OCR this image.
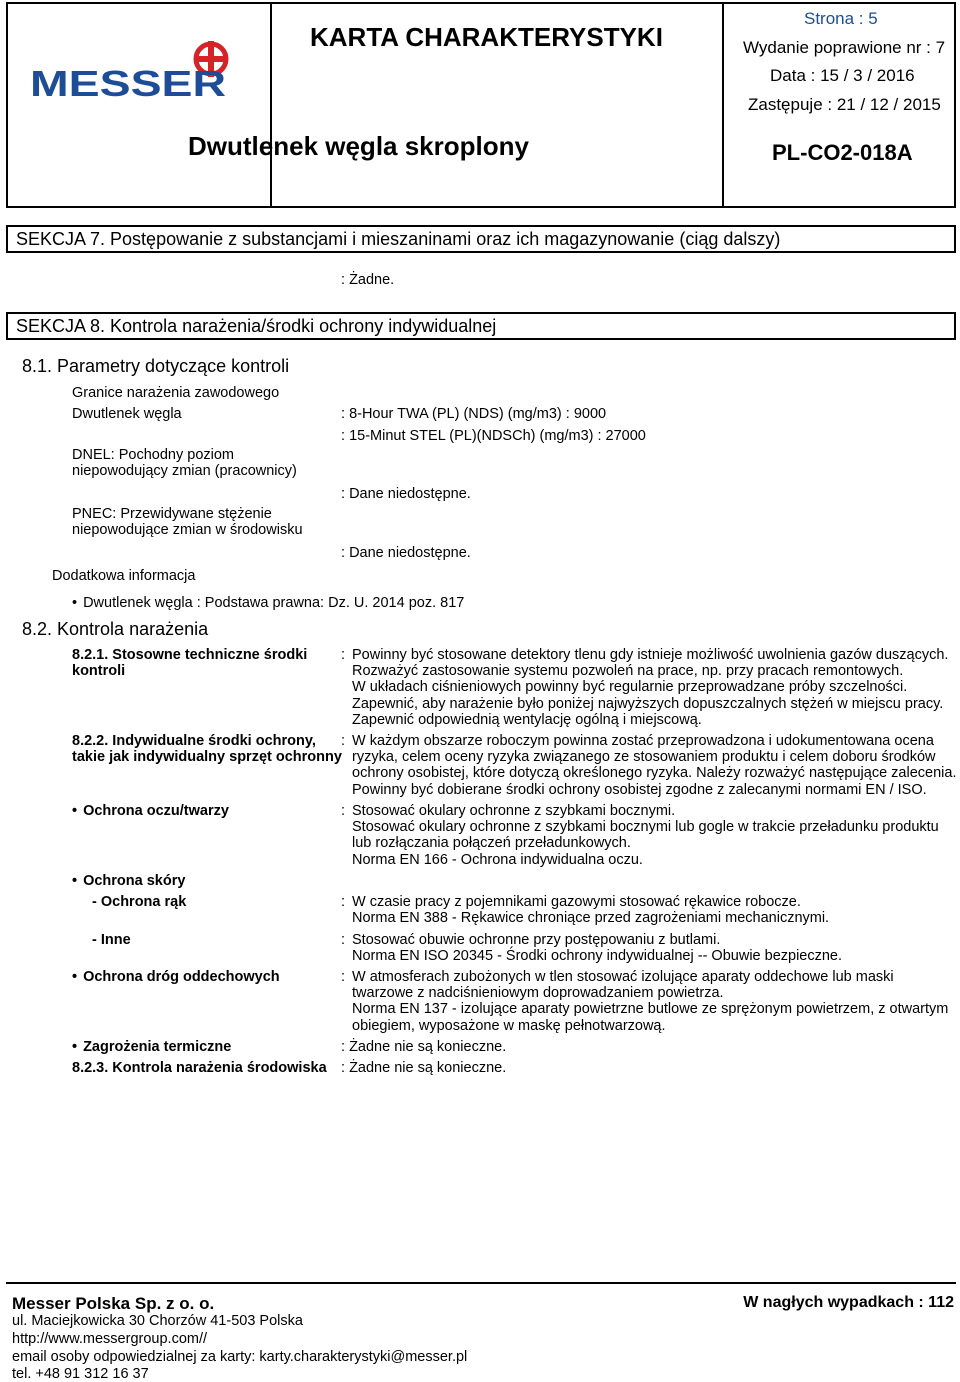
MESSER
KARTA CHARAKTERYSTYKI
Dwutlenek węgla skroplony
Strona : 5
Wydanie poprawione nr : 7
Data : 15 / 3 / 2016
Zastępuje : 21 / 12 / 2015
PL-CO2-018A
SEKCJA 7. Postępowanie z substancjami i mieszaninami oraz ich magazynowanie (ciąg dalszy)
: Żadne.
SEKCJA 8. Kontrola narażenia/środki ochrony indywidualnej
8.1. Parametry dotyczące kontroli
Granice narażenia zawodowego
Dwutlenek węgla	: 8-Hour TWA (PL) (NDS) (mg/m3) : 9000
: 15-Minut STEL (PL)(NDSCh) (mg/m3) : 27000
DNEL: Pochodny poziom
niepowodujący zmian (pracownicy)
: Dane niedostępne.
PNEC: Przewidywane stężenie
niepowodujące zmian w środowisku
: Dane niedostępne.
Dodatkowa informacja
• Dwutlenek węgla : Podstawa prawna: Dz. U. 2014 poz. 817
8.2. Kontrola narażenia
8.2.1. Stosowne techniczne środki
kontroli
: Powinny być stosowane detektory tlenu gdy istnieje możliwość uwolnienia gazów duszących.
Rozważyć zastosowanie systemu pozwoleń na prace, np. przy pracach remontowych.
W układach ciśnieniowych powinny być regularnie przeprowadzane próby szczelności.
Zapewnić, aby narażenie było poniżej najwyższych dopuszczalnych stężeń w miejscu pracy.
Zapewnić odpowiednią wentylację ogólną i miejscową.
8.2.2. Indywidualne środki ochrony,
takie jak indywidualny sprzęt ochronny
: W każdym obszarze roboczym powinna zostać przeprowadzona i udokumentowana ocena
ryzyka, celem oceny ryzyka związanego ze stosowaniem produktu i celem doboru środków
ochrony osobistej, które dotyczą określonego ryzyka. Należy rozważyć następujące zalecenia.
Powinny być dobierane środki ochrony osobistej zgodne z zalecanymi normami EN / ISO.
• Ochrona oczu/twarzy	: Stosować okulary ochronne z szybkami bocznymi.
Stosować okulary ochronne z szybkami bocznymi lub gogle w trakcie przeładunku produktu
lub rozłączania połączeń przeładunkowych.
Norma EN 166 - Ochrona indywidualna oczu.
• Ochrona skóry
- Ochrona rąk	: W czasie pracy z pojemnikami gazowymi stosować rękawice robocze.
Norma EN 388 - Rękawice chroniące przed zagrożeniami mechanicznymi.
- Inne	: Stosować obuwie ochronne przy postępowaniu z butlami.
Norma EN ISO 20345 - Środki ochrony indywidualnej -- Obuwie bezpieczne.
• Ochrona dróg oddechowych	: W atmosferach zubożonych w tlen stosować izolujące aparaty oddechowe lub maski
twarzowe z nadciśnieniowym doprowadzaniem powietrza.
Norma EN 137 - izolujące aparaty powietrzne butlowe ze sprężonym powietrzem, z otwartym
obiegiem, wyposażone w maskę pełnotwarzową.
• Zagrożenia termiczne	: Żadne nie są konieczne.
8.2.3. Kontrola narażenia środowiska : Żadne nie są konieczne.
Messer Polska Sp. z o. o.	W nagłych wypadkach : 112
ul. Maciejkowicka 30 Chorzów 41-503 Polska
http://www.messergroup.com//
email osoby odpowiedzialnej za karty: karty.charakterystyki@messer.pl
tel. +48 91 312 16 37
